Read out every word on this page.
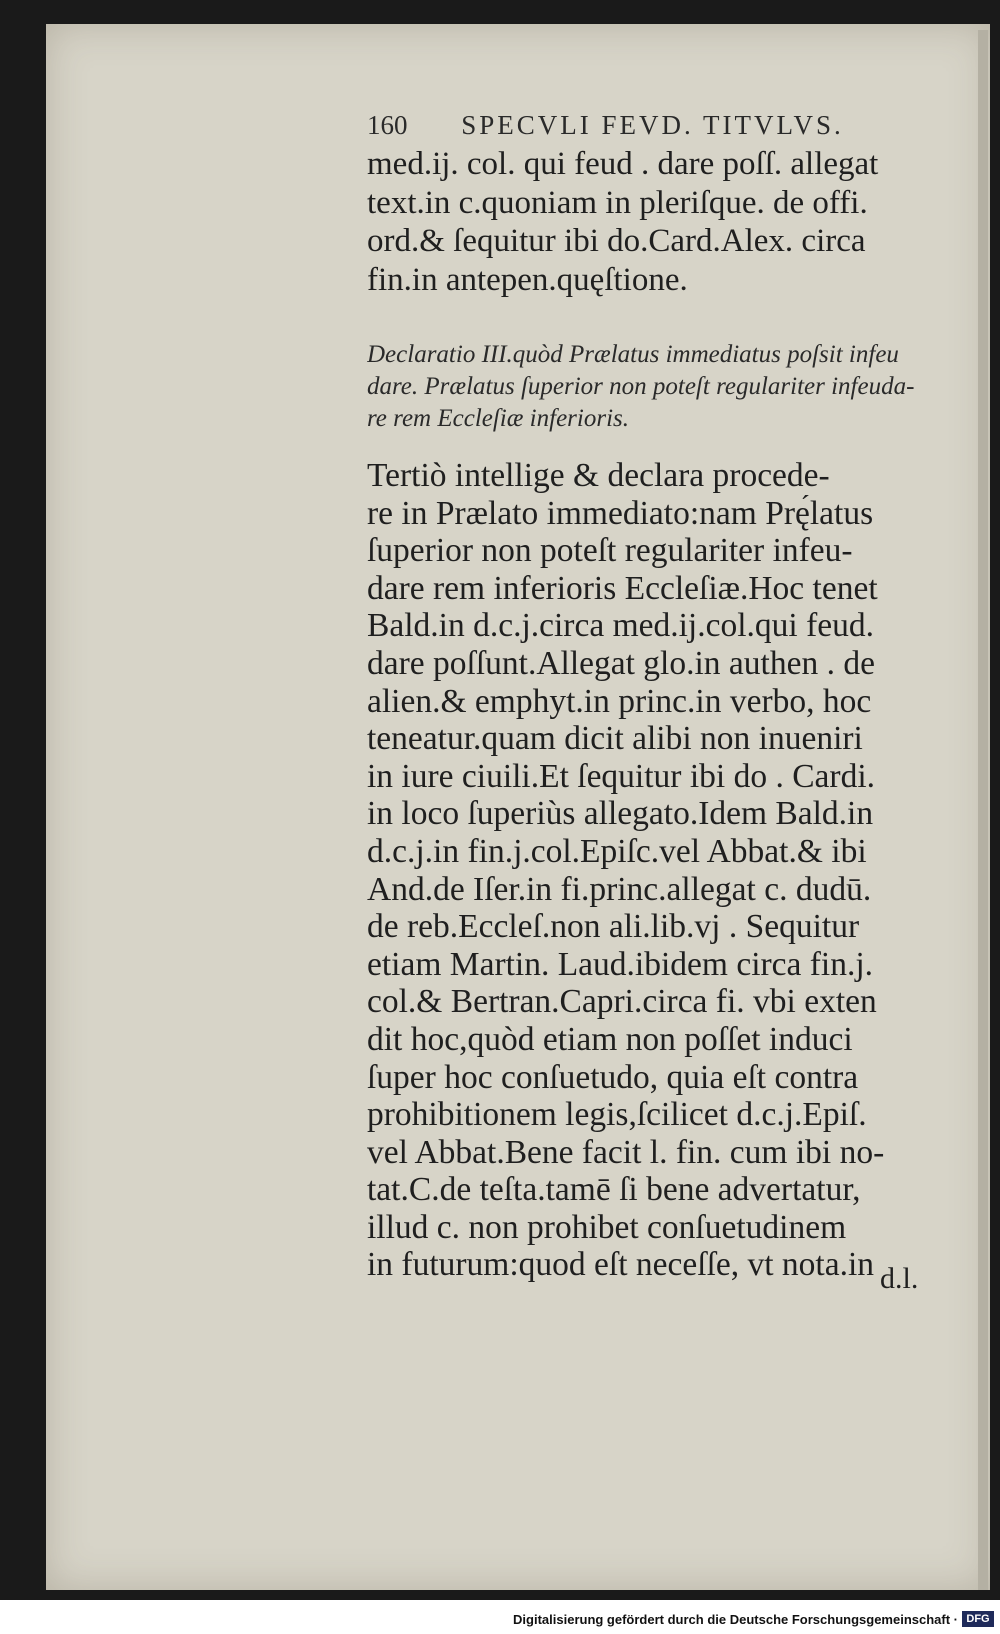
160 SPECVLI FEVD. TITVLVS.
med.ij. col. qui feud . dare poſſ. allegat
text.in c.quoniam in pleriſque. de offi.
ord.& ſequitur ibi do.Card.Alex. circa
fin.in antepen.quęſtione.
Declaratio III.quòd Prælatus immediatus poſsit infeu
dare. Prælatus ſuperior non poteſt regulariter infeuda-
re rem Eccleſiæ inferioris.
Tertiò intellige & declara procede-
re in Prælato immediato:nam Prę́latus
ſuperior non poteſt regulariter infeu-
dare rem inferioris Eccleſiæ.Hoc tenet
Bald.in d.c.j.circa med.ij.col.qui feud.
dare poſſunt.Allegat glo.in authen . de
alien.& emphyt.in princ.in verbo, hoc
teneatur.quam dicit alibi non inueniri
in iure ciuili.Et ſequitur ibi do . Cardi.
in loco ſuperiùs allegato.Idem Bald.in
d.c.j.in fin.j.col.Epiſc.vel Abbat.& ibi
And.de Iſer.in fi.princ.allegat c. dudū.
de reb.Eccleſ.non ali.lib.vj . Sequitur
etiam Martin. Laud.ibidem circa fin.j.
col.& Bertran.Capri.circa fi. vbi exten
dit hoc,quòd etiam non poſſet induci
ſuper hoc conſuetudo, quia eſt contra
prohibitionem legis,ſcilicet d.c.j.Epiſ.
vel Abbat.Bene facit l. fin. cum ibi no-
tat.C.de teſta.tamē ſi bene advertatur,
illud c. non prohibet conſuetudinem
in futurum:quod eſt neceſſe, vt nota.in d.l.
Digitalisierung gefördert durch die Deutsche Forschungsgemeinschaft · DFG
